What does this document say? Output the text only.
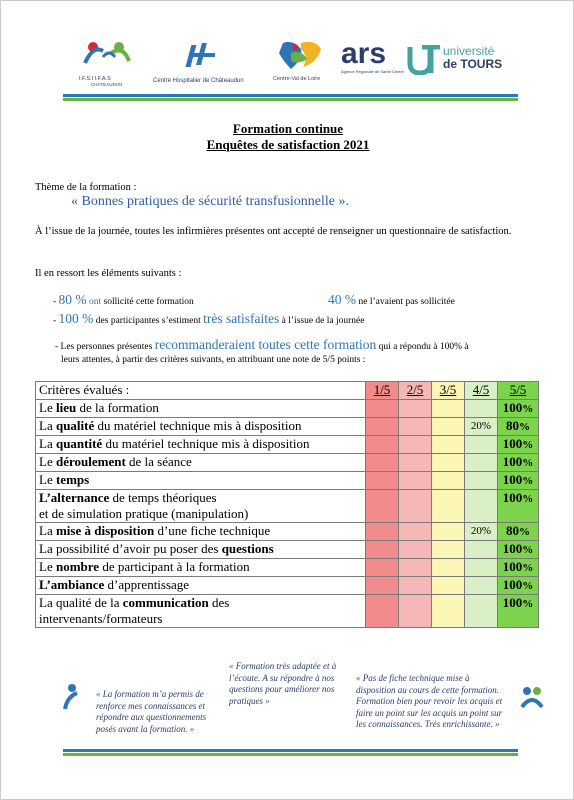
I.F.S.I I.F.A.S
CHÂTEAUDUN
Centre Hospitalier de Châteaudun	Centre-Val de Loire
ars
Agence Régionale de Santé Centre
université
de TOURS
Formation continue
Enquêtes de satisfaction 2021
Thème de la formation :
« Bonnes pratiques de sécurité transfusionnelle ».
À l’issue de la journée, toutes les infirmières présentes ont accepté de renseigner un questionnaire de satisfaction.
Il en ressort les éléments suivants :
- 80 % ont sollicité cette formation	40 % ne l’avaient pas sollicitée
- 100 % des participantes s’estiment très satisfaites à l’issue de la journée
- Les personnes présentes recommanderaient toutes cette formation qui a répondu à 100% à
leurs attentes, à partir des critères suivants, en attribuant une note de 5/5 points :
Critères évalués :	1/5	2/5	3/5	4/5	5/5
Le lieu de la formation					100%
La qualité du matériel technique mis à disposition				20%	80%
La quantité du matériel technique mis à disposition					100%
Le déroulement de la séance					100%
Le temps					100%
L’alternance de temps théoriques
et de simulation pratique (manipulation)					100%
La mise à disposition d’une fiche technique				20%	80%
La possibilité d’avoir pu poser des questions					100%
Le nombre de participant à la formation					100%
L’ambiance d’apprentissage					100%
La qualité de la communication des
intervenants/formateurs					100%
« La formation m’a permis de renforce mes connaissances et répondre aux questionnements posés avant la formation. »
« Formation très adaptée et à l’écoute. A su répondre à nos questions pour améliorer nos pratiques »
« Pas de fiche technique mise à disposition au cours de cette formation. Formation bien pour revoir les acquis et faire un point sur les acquis un point sur les connaissances. Très enrichissante. »
